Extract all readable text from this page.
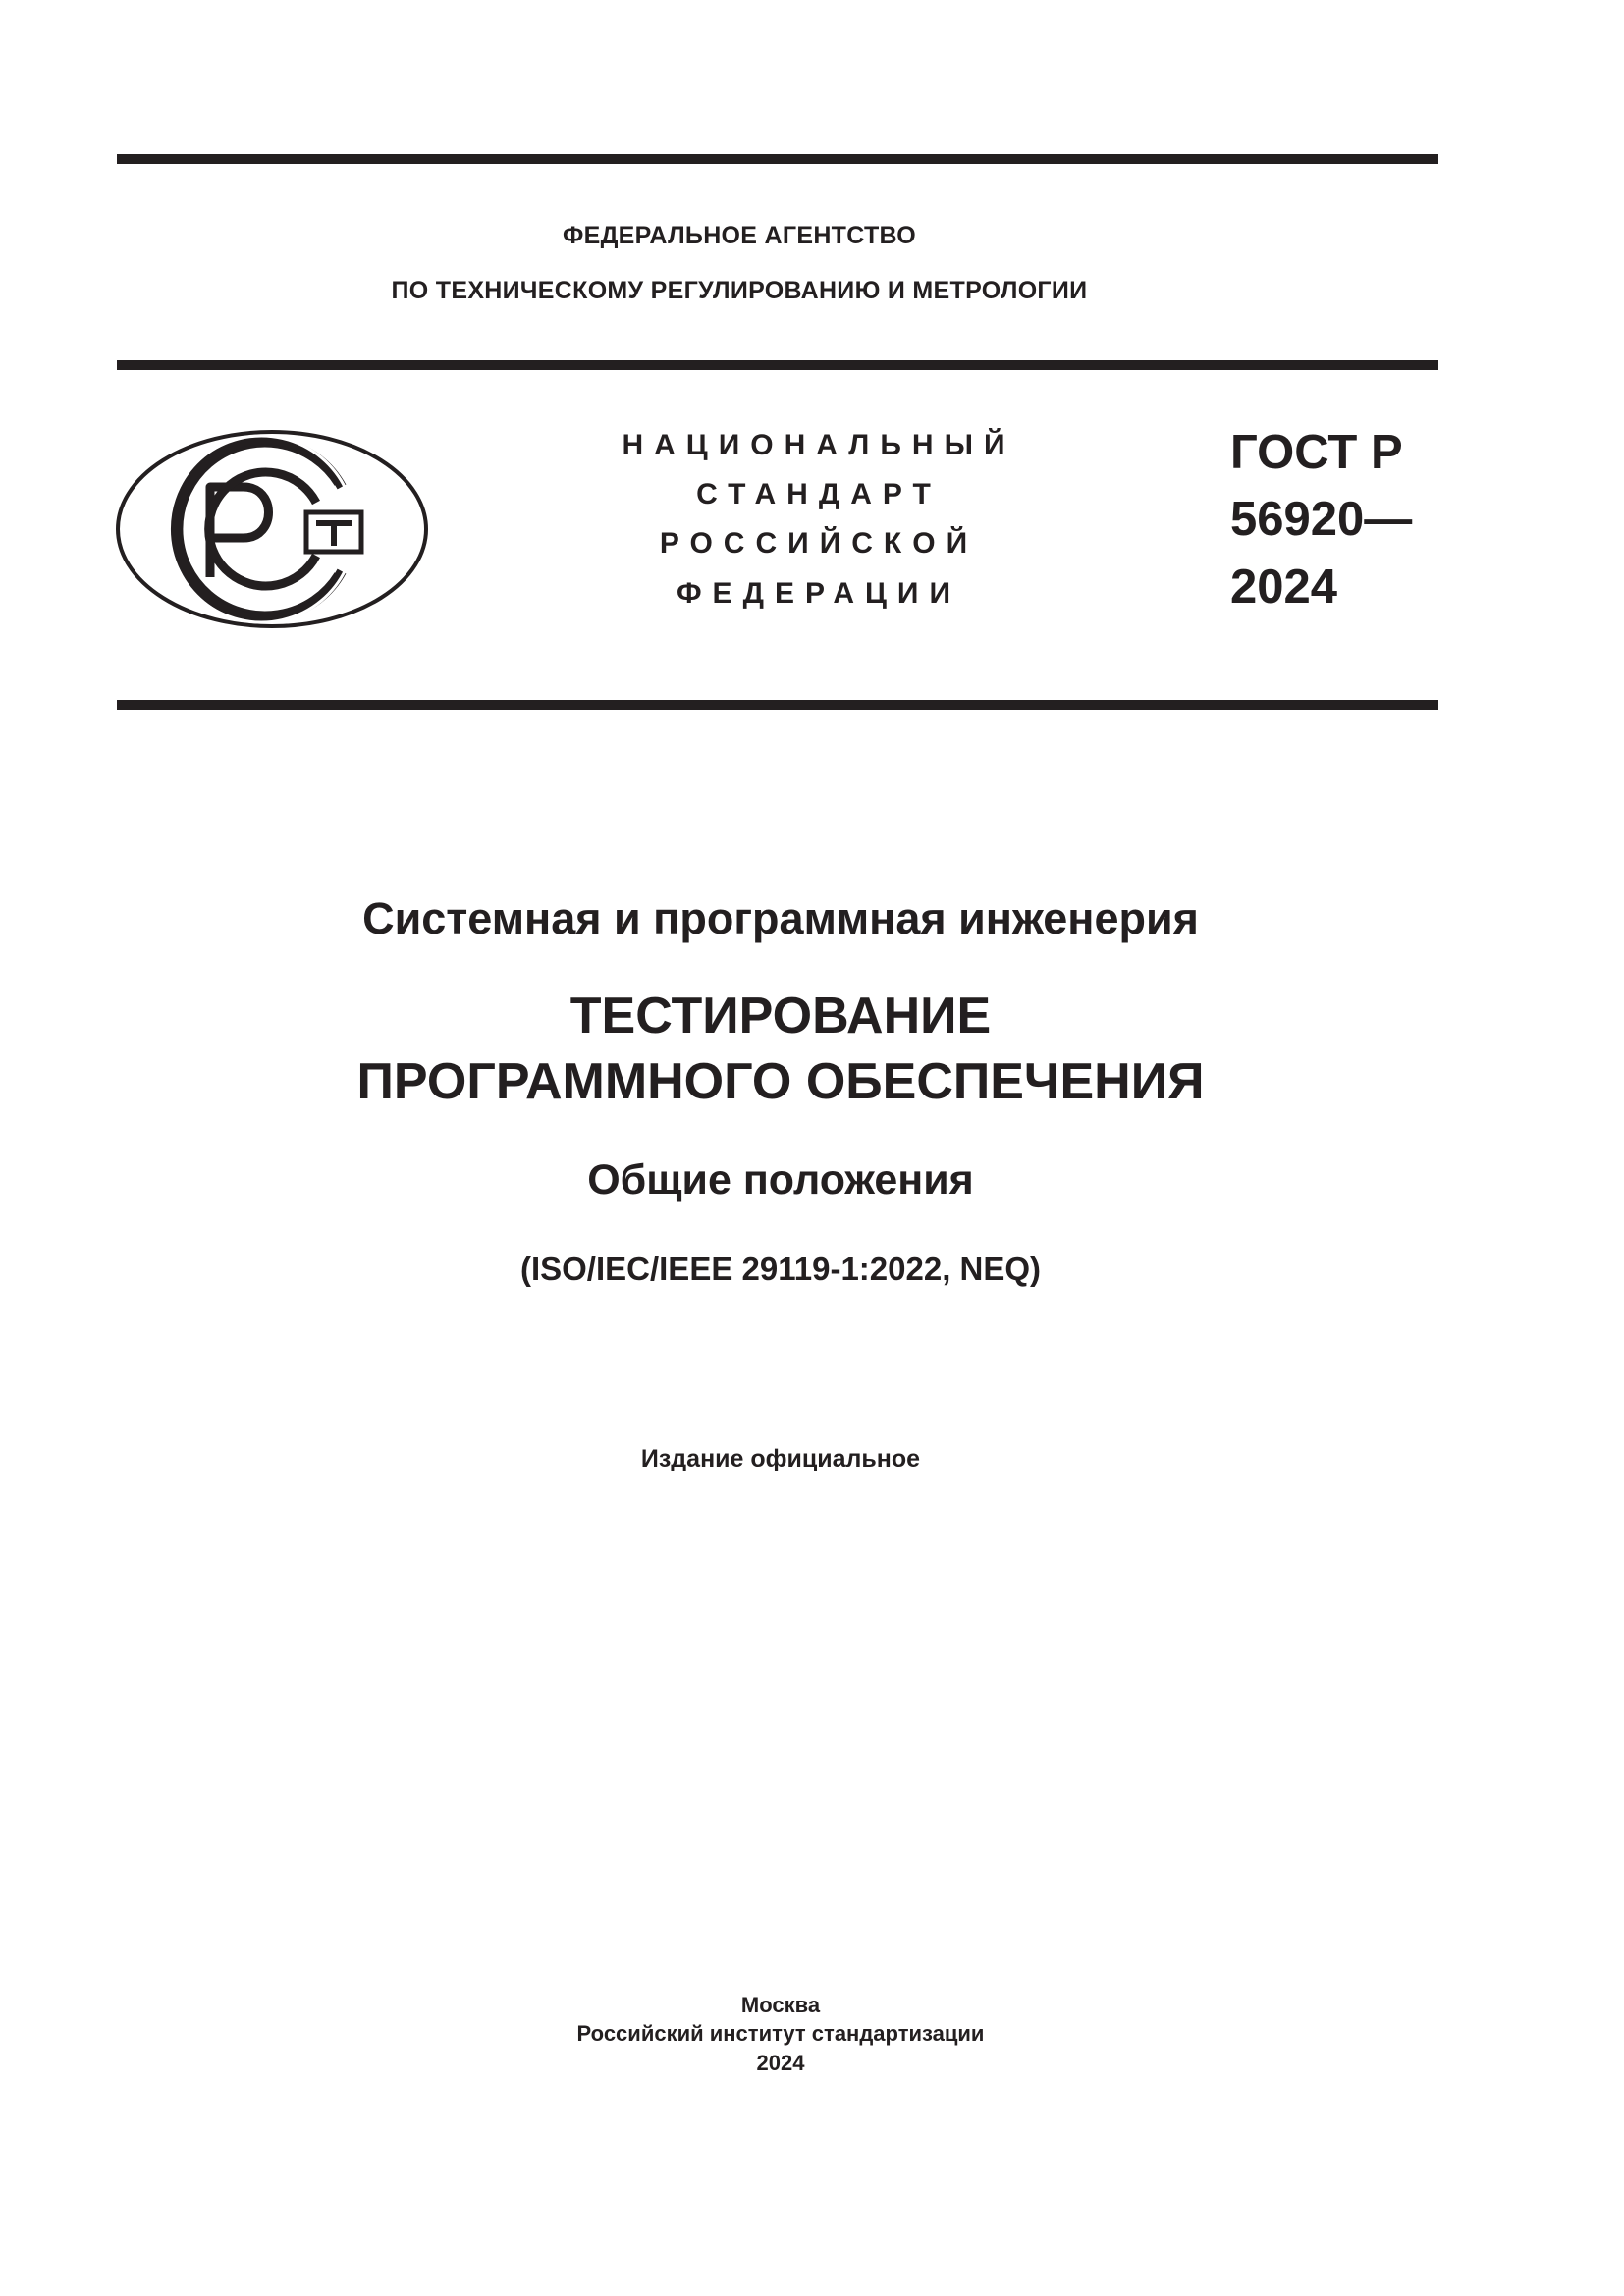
ФЕДЕРАЛЬНОЕ АГЕНТСТВО
ПО ТЕХНИЧЕСКОМУ РЕГУЛИРОВАНИЮ И МЕТРОЛОГИИ
НАЦИОНАЛЬНЫЙ
СТАНДАРТ
РОССИЙСКОЙ
ФЕДЕРАЦИИ
ГОСТ Р
56920—
2024
Системная и программная инженерия
ТЕСТИРОВАНИЕ
ПРОГРАММНОГО ОБЕСПЕЧЕНИЯ
Общие положения
(ISO/IEC/IEEE 29119-1:2022, NEQ)
Издание официальное
Москва
Российский институт стандартизации
2024
